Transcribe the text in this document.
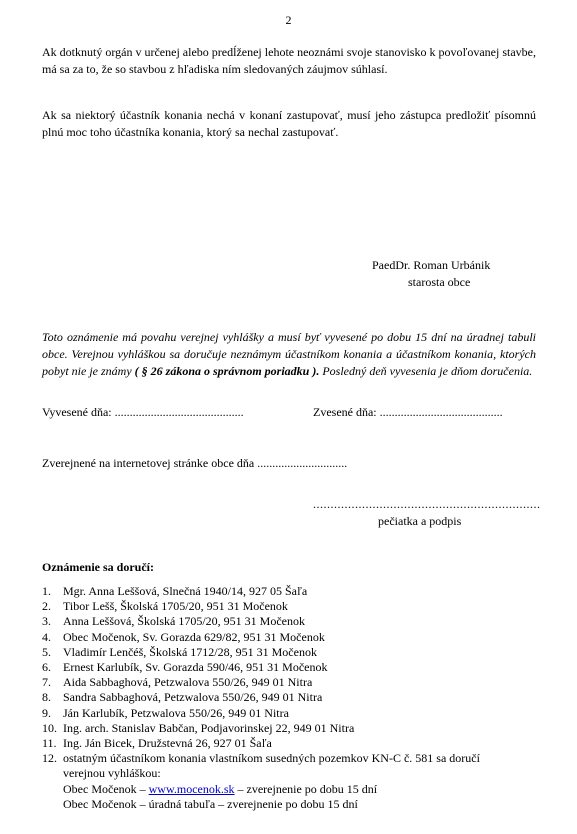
2
Ak dotknutý orgán v určenej alebo predĺženej lehote neoznámi svoje stanovisko k povoľovanej stavbe, má sa za to, že so stavbou z hľadiska ním sledovaných záujmov súhlasí.
Ak sa niektorý účastník konania nechá v konaní zastupovať, musí jeho zástupca predložiť písomnú plnú moc toho účastníka konania, ktorý sa nechal zastupovať.
PaedDr. Roman Urbánik
starosta obce
Toto oznámenie má povahu verejnej vyhlášky a musí byť vyvesené po dobu 15 dní na úradnej tabuli obce. Verejnou vyhláškou sa doručuje neznámym účastníkom konania a účastníkom konania, ktorých pobyt nie je známy ( § 26 zákona o správnom poriadku ). Posledný deň vyvesenia je dňom doručenia.
Vyvesené dňa: ...........................................	Zvesené dňa: .........................................
Zverejnené na internetovej stránke obce dňa ..............................
.................................................................
pečiatka a podpis
Oznámenie sa doručí:
1.	Mgr. Anna Leššová, Slnečná 1940/14, 927 05 Šaľa
2.	Tibor Lešš, Školská 1705/20, 951 31 Močenok
3.	Anna Leššová, Školská 1705/20, 951 31 Močenok
4.	Obec Močenok, Sv. Gorazda 629/82, 951 31 Močenok
5.	Vladimír Lenčéš, Školská 1712/28, 951 31 Močenok
6.	Ernest Karlubík, Sv. Gorazda 590/46, 951 31 Močenok
7.	Aida Sabbaghová, Petzwalova 550/26, 949 01 Nitra
8.	Sandra Sabbaghová, Petzwalova 550/26, 949 01 Nitra
9.	Ján Karlubík, Petzwalova 550/26, 949 01 Nitra
10. Ing. arch. Stanislav Babčan, Podjavorinskej 22, 949 01 Nitra
11. Ing. Ján Bicek, Družstevná 26, 927 01 Šaľa
12. ostatným účastníkom konania vlastníkom susedných pozemkov KN-C č. 581 sa doručí
verejnou vyhláškou:
Obec Močenok – www.mocenok.sk – zverejnenie po dobu 15 dní
Obec Močenok – úradná tabuľa – zverejnenie po dobu 15 dní
